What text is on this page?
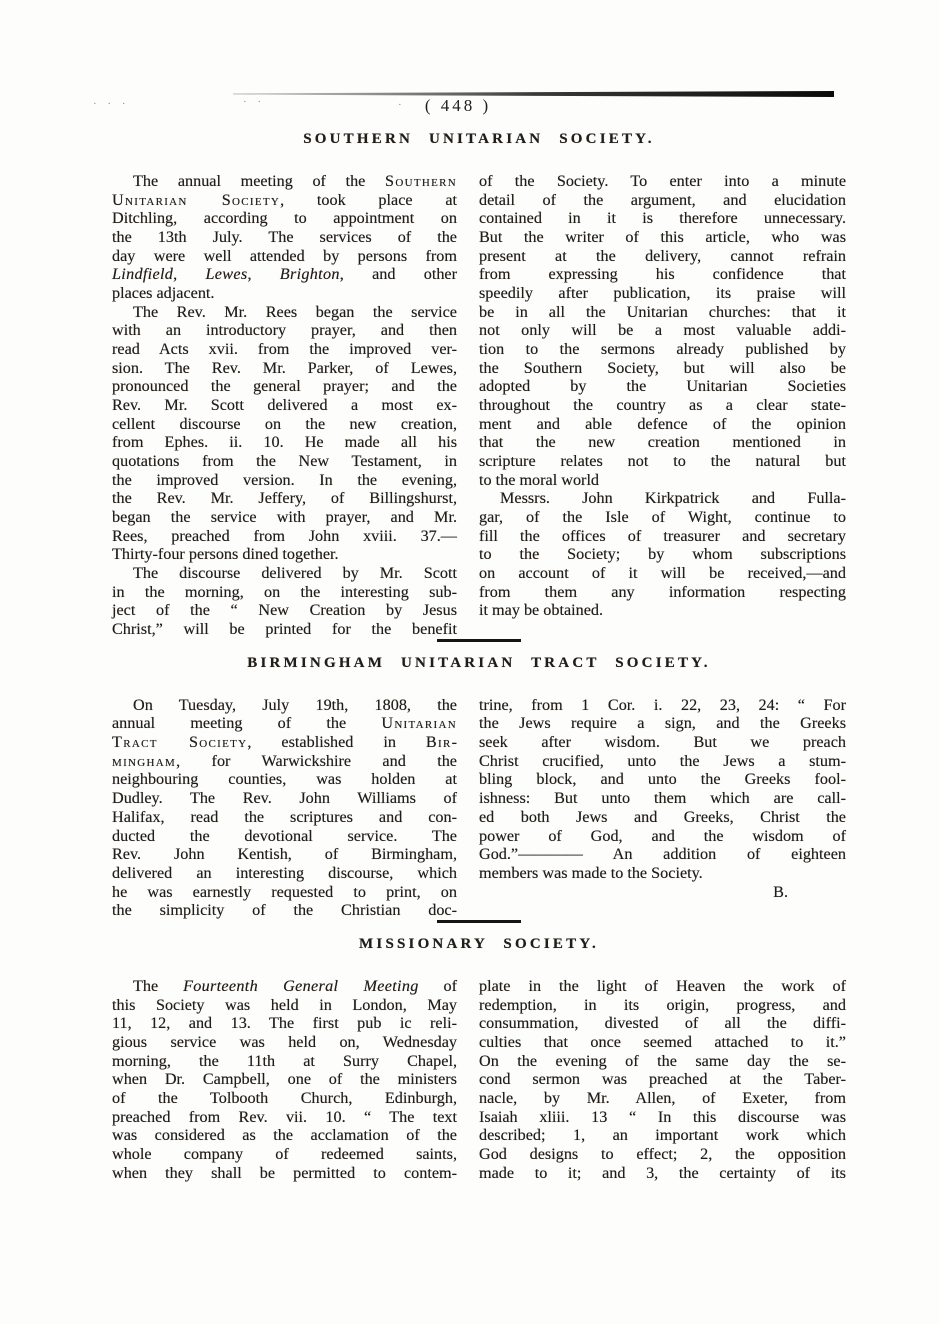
( 448 )
SOUTHERN UNITARIAN SOCIETY.
The annual meeting of the Southern
Unitarian Society, took place at
Ditchling, according to appointment on
the 13th July. The services of the
day were well attended by persons from
Lindfield, Lewes, Brighton, and other
places adjacent.
The Rev. Mr. Rees began the service
with an introductory prayer, and then
read Acts xvii. from the improved ver-
sion. The Rev. Mr. Parker, of Lewes,
pronounced the general prayer; and the
Rev. Mr. Scott delivered a most ex-
cellent discourse on the new creation,
from Ephes. ii. 10. He made all his
quotations from the New Testament, in
the improved version. In the evening,
the Rev. Mr. Jeffery, of Billingshurst,
began the service with prayer, and Mr.
Rees, preached from John xviii. 37.—
Thirty-four persons dined together.
The discourse delivered by Mr. Scott
in the morning, on the interesting sub-
ject of the “ New Creation by Jesus
Christ,” will be printed for the benefit
of the Society. To enter into a minute
detail of the argument, and elucidation
contained in it is therefore unnecessary.
But the writer of this article, who was
present at the delivery, cannot refrain
from expressing his confidence that
speedily after publication, its praise will
be in all the Unitarian churches: that it
not only will be a most valuable addi-
tion to the sermons already published by
the Southern Society, but will also be
adopted by the Unitarian Societies
throughout the country as a clear state-
ment and able defence of the opinion
that the new creation mentioned in
scripture relates not to the natural but
to the moral world
Messrs. John Kirkpatrick and Fulla-
gar, of the Isle of Wight, continue to
fill the offices of treasurer and secretary
to the Society; by whom subscriptions
on account of it will be received,—and
from them any information respecting
it may be obtained.
BIRMINGHAM UNITARIAN TRACT SOCIETY.
On Tuesday, July 19th, 1808, the
annual meeting of the Unitarian
Tract Society, established in Bir-
mingham, for Warwickshire and the
neighbouring counties, was holden at
Dudley. The Rev. John Williams of
Halifax, read the scriptures and con-
ducted the devotional service. The
Rev. John Kentish, of Birmingham,
delivered an interesting discourse, which
he was earnestly requested to print, on
the simplicity of the Christian doc-
trine, from 1 Cor. i. 22, 23, 24: “ For
the Jews require a sign, and the Greeks
seek after wisdom. But we preach
Christ crucified, unto the Jews a stum-
bling block, and unto the Greeks fool-
ishness: But unto them which are call-
ed both Jews and Greeks, Christ the
power of God, and the wisdom of
God.”———— An addition of eighteen
members was made to the Society.
B.
MISSIONARY SOCIETY.
The Fourteenth General Meeting of
this Society was held in London, May
11, 12, and 13. The first pub ic reli-
gious service was held on, Wednesday
morning, the 11th at Surry Chapel,
when Dr. Campbell, one of the ministers
of the Tolbooth Church, Edinburgh,
preached from Rev. vii. 10. “ The text
was considered as the acclamation of the
whole company of redeemed saints,
when they shall be permitted to contem-
plate in the light of Heaven the work of
redemption, in its origin, progress, and
consummation, divested of all the diffi-
culties that once seemed attached to it.”
On the evening of the same day the se-
cond sermon was preached at the Taber-
nacle, by Mr. Allen, of Exeter, from
Isaiah xliii. 13 “ In this discourse was
described; 1, an important work which
God designs to effect; 2, the opposition
made to it; and 3, the certainty of its
· · ·	· ·	·
